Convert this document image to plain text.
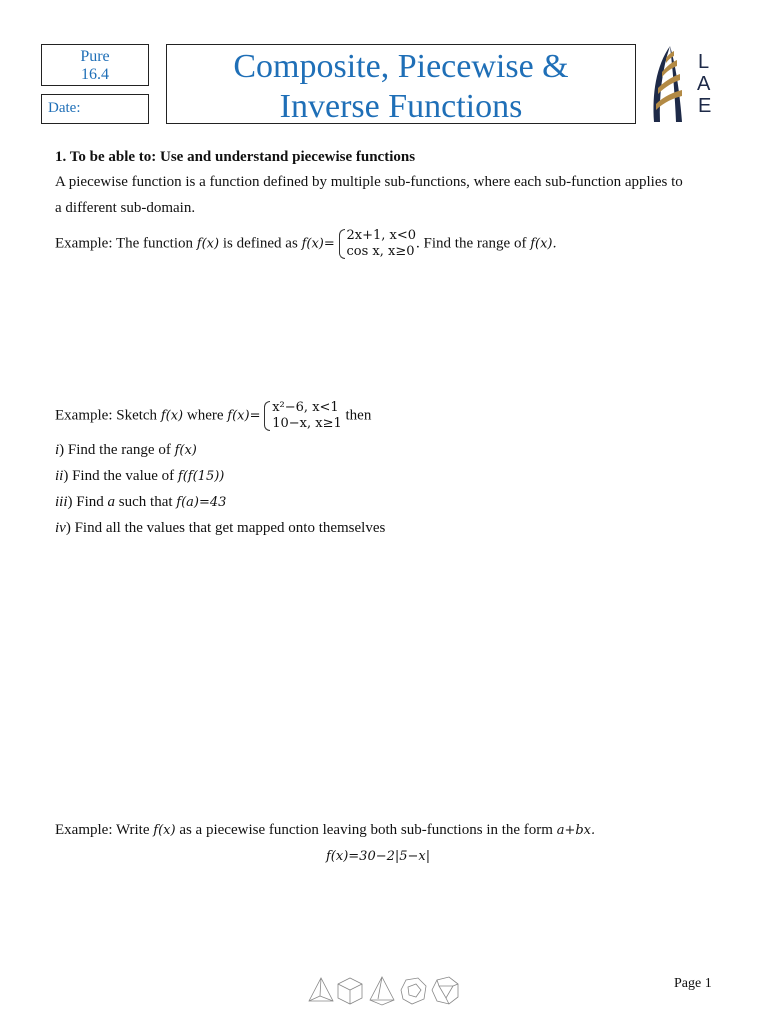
Pure
16.4
Date:
Composite, Piecewise &
Inverse Functions
L
A
E
1. To be able to: Use and understand piecewise functions
A piecewise function is a function defined by multiple sub-functions, where each sub-function applies to
a different sub-domain.
Example: The function f(x) is defined as f(x)=
2x+1, x<0
cos x, x≥0
. Find the range of f(x).
Example: Sketch f(x) where f(x)=
x²−6, x<1
10−x, x≥1
then
i) Find the range of f(x)
ii) Find the value of f(f(15))
iii) Find a such that f(a)=43
iv) Find all the values that get mapped onto themselves
Example: Write f(x) as a piecewise function leaving both sub-functions in the form a+bx.
f(x)=30−2|5−x|
Page 1
